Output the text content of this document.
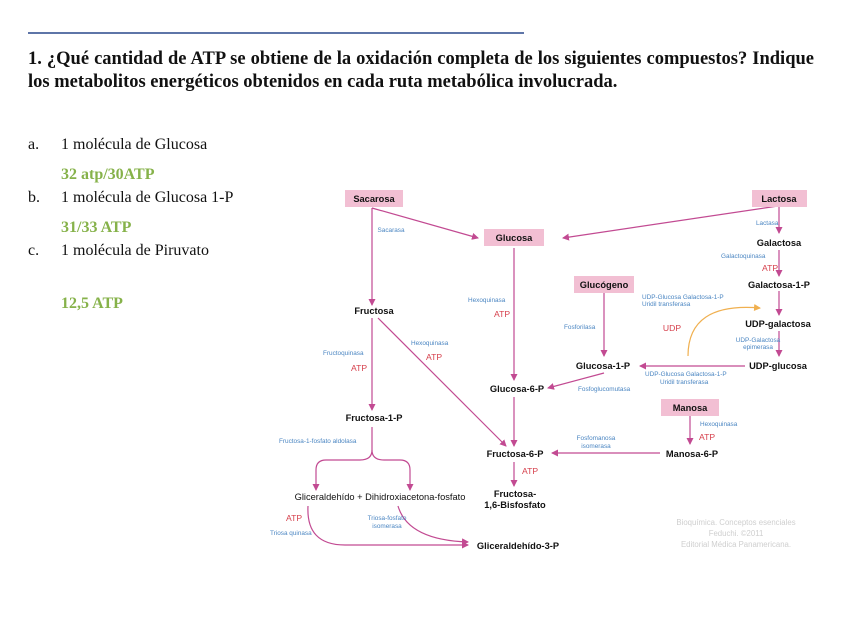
1. ¿Qué cantidad de ATP se obtiene de la oxidación completa de los siguientes compuestos? Indique los metabolitos energéticos obtenidos en cada ruta metabólica involucrada.

a. 1 molécula de Glucosa
32 atp/30ATP
b. 1 molécula de Glucosa 1-P
31/33 ATP
c. 1 molécula de Piruvato
12,5 ATP
Sacarosa	Lactosa
Glucosa
Glucógeno
Manosa
Galactosa
Galactosa-1-P
UDP-galactosa
UDP-glucosa
Fructosa
Fructosa-1-P
Glucosa-1-P
Glucosa-6-P
Fructosa-6-P	Manosa-6-P
Fructosa-
1,6-Bisfosfato
Gliceraldehído + Dihidroxiacetona-fosfato
Gliceraldehído-3-P
UDP
Sacarasa
Lactasa
Galactoquinasa
Hexoquinasa
Hexoquinasa
Hexoquinasa
Fosforilasa
Fructoquinasa
Fosfoglucomutasa
Fructosa-1-fosfato aldolasa	Fosfomanosa
isomerasa
Triosa quinasa
Triosa-fosfato
isomerasa
UDP-Glucosa Galactosa-1-P
Uridil transferasa
UDP-Glucosa Galactosa-1-P
Uridil transferasa
UDP-Galactosa
epimerasa
ATP
ATP
ATP
ATP
ATP
ATP
ATP	Bioquímica. Conceptos esenciales
Feduchi. ©2011
Editorial Médica Panamericana.
